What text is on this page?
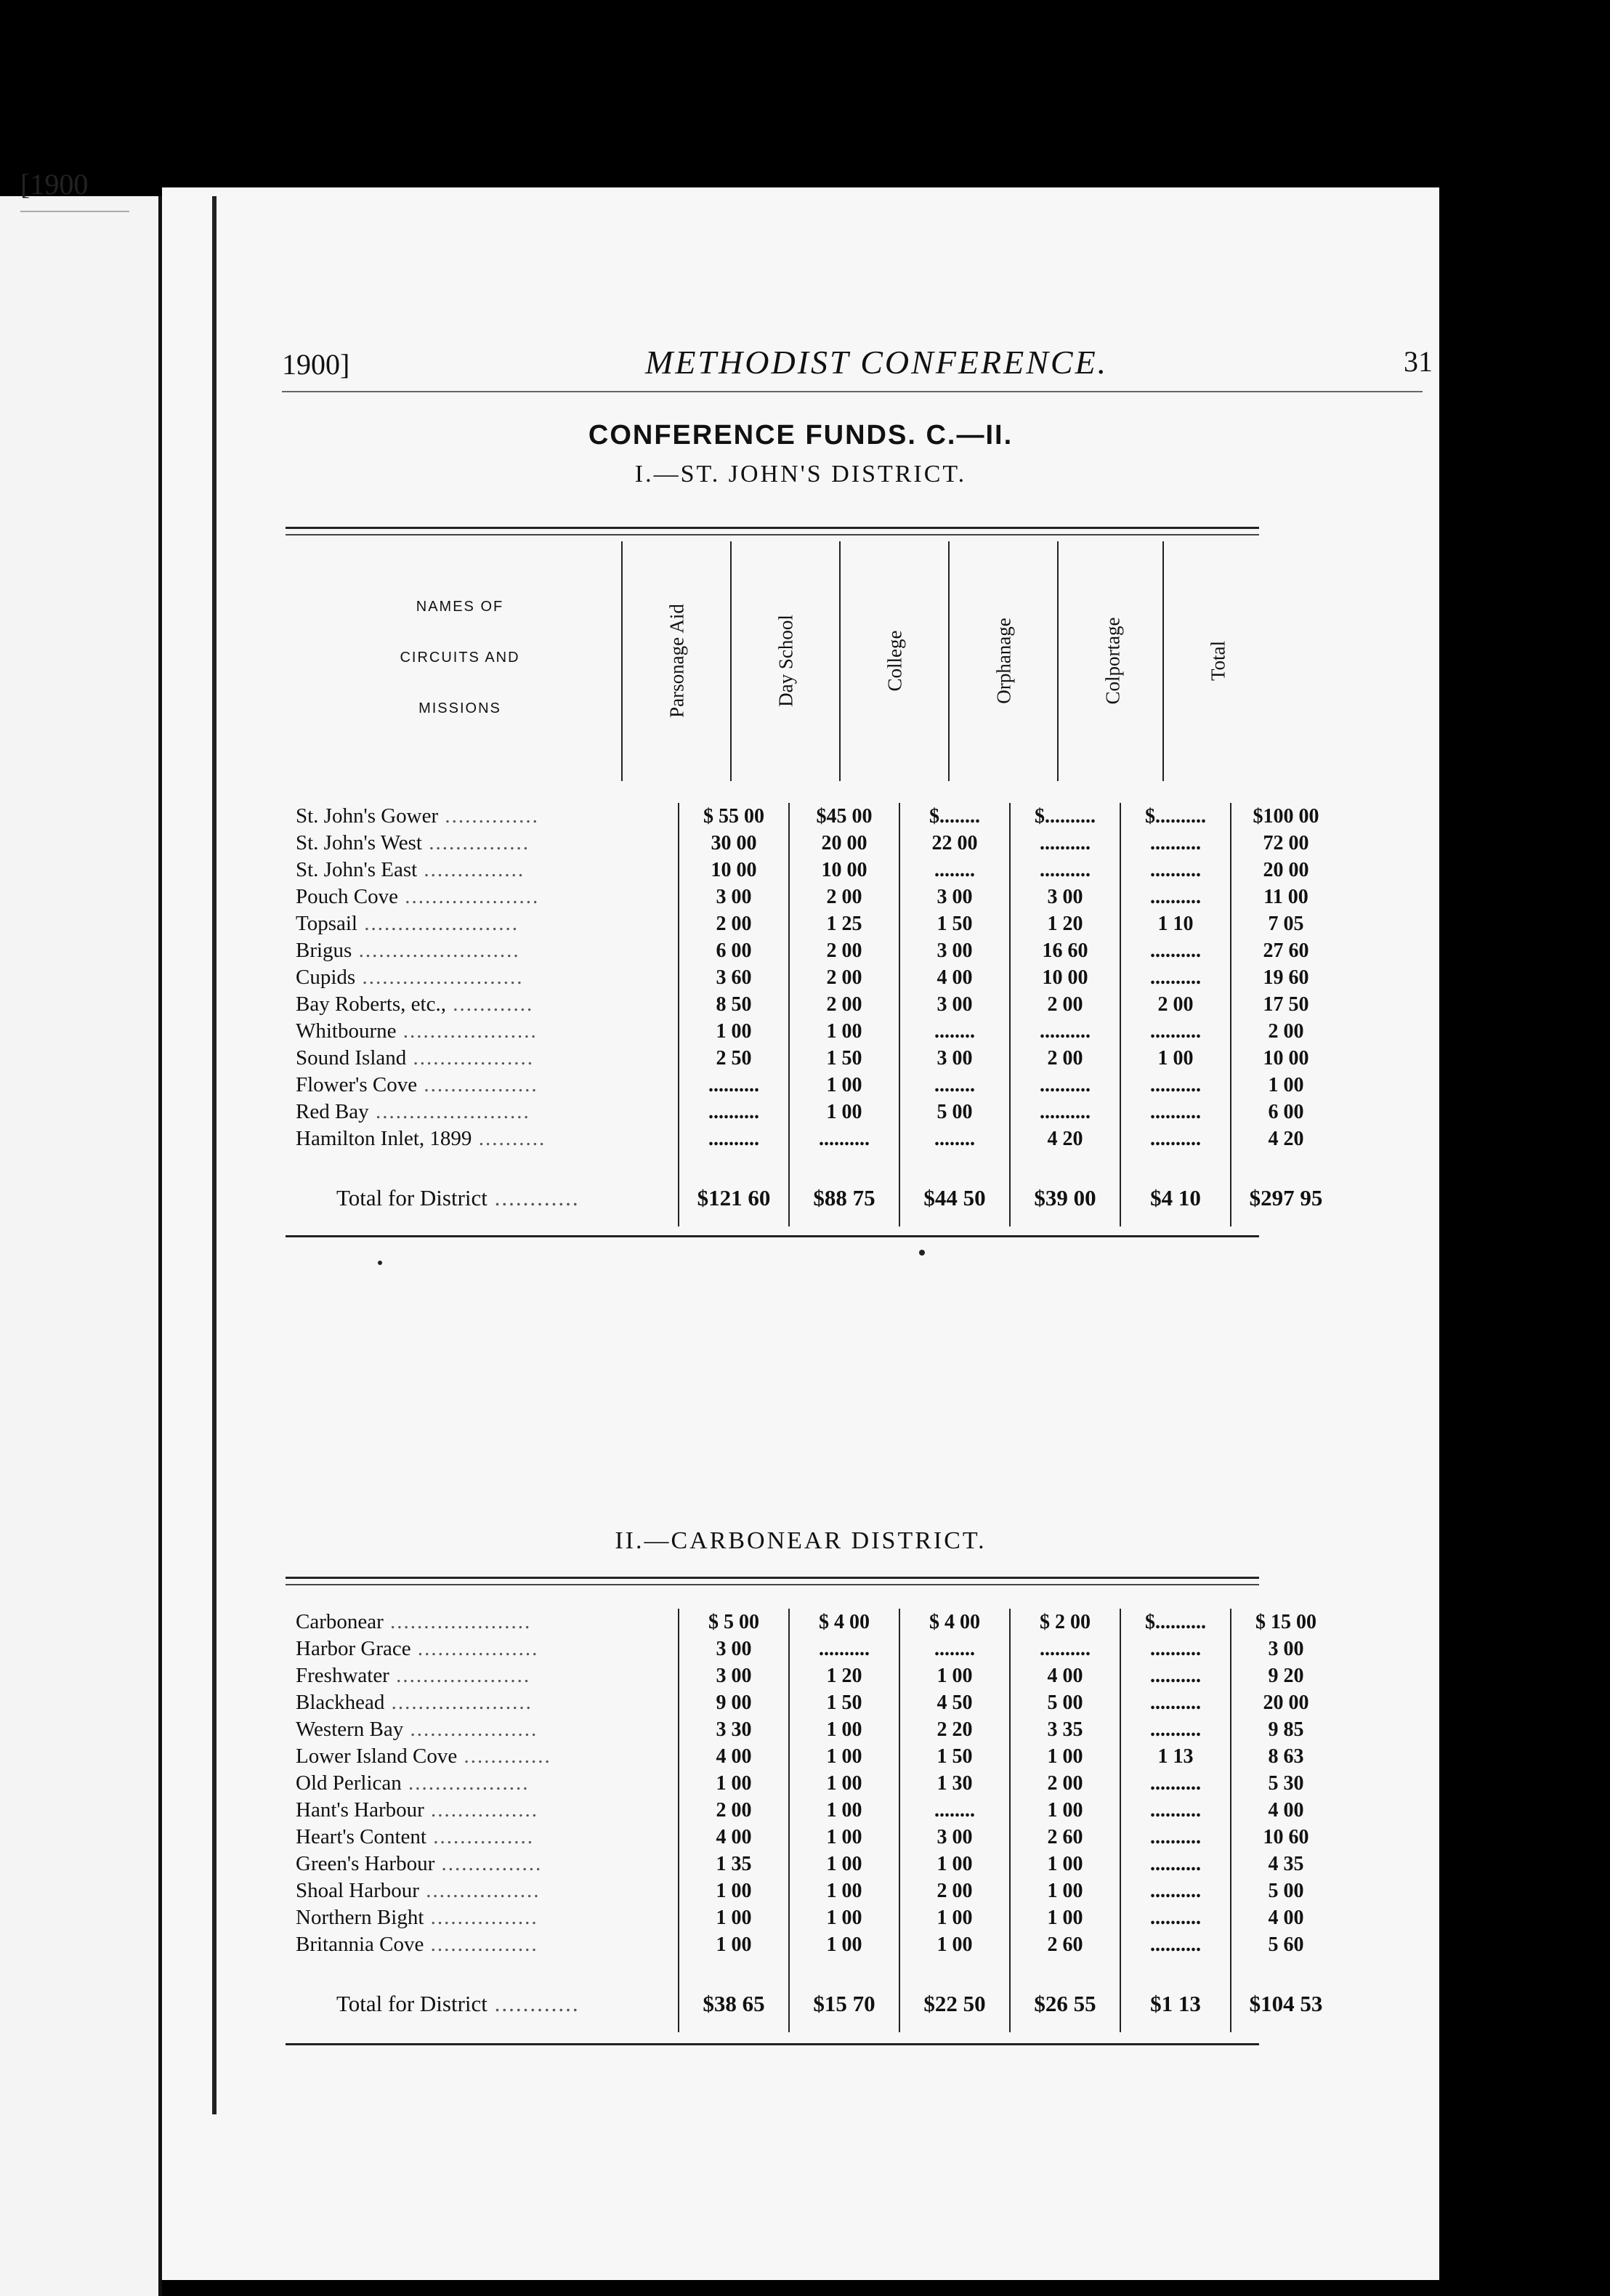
[1900
1900]	METHODIST CONFERENCE.	31
CONFERENCE FUNDS. C.—II.
I.—ST. JOHN'S DISTRICT.
NAMES OF
CIRCUITS AND
MISSIONS	Parsonage Aid	Day School	College	Orphanage	Colportage	Total
St. John's Gower ..............	$ 55 00	$45 00	$........	$..........	$..........	$100 00
St. John's West ...............	30 00	20 00	22 00	..........	..........	72 00
St. John's East ...............	10 00	10 00	........	..........	..........	20 00
Pouch Cove ....................	3 00	2 00	3 00	3 00	..........	11 00
Topsail .......................	2 00	1 25	1 50	1 20	1 10	7 05
Brigus ........................	6 00	2 00	3 00	16 60	..........	27 60
Cupids ........................	3 60	2 00	4 00	10 00	..........	19 60
Bay Roberts, etc., ............	8 50	2 00	3 00	2 00	2 00	17 50
Whitbourne ....................	1 00	1 00	........	..........	..........	2 00
Sound Island ..................	2 50	1 50	3 00	2 00	1 00	10 00
Flower's Cove .................	..........	1 00	........	..........	..........	1 00
Red Bay .......................	..........	1 00	5 00	..........	..........	6 00
Hamilton Inlet, 1899 ..........	..........	..........	........	4 20	..........	4 20

Total for District ............	$121 60	$88 75	$44 50	$39 00	$4 10	$297 95
II.—CARBONEAR DISTRICT.
Carbonear .....................	$ 5 00	$ 4 00	$ 4 00	$ 2 00	$..........	$ 15 00
Harbor Grace ..................	3 00	..........	........	..........	..........	3 00
Freshwater ....................	3 00	1 20	1 00	4 00	..........	9 20
Blackhead .....................	9 00	1 50	4 50	5 00	..........	20 00
Western Bay ...................	3 30	1 00	2 20	3 35	..........	9 85
Lower Island Cove .............	4 00	1 00	1 50	1 00	1 13	8 63
Old Perlican ..................	1 00	1 00	1 30	2 00	..........	5 30
Hant's Harbour ................	2 00	1 00	........	1 00	..........	4 00
Heart's Content ...............	4 00	1 00	3 00	2 60	..........	10 60
Green's Harbour ...............	1 35	1 00	1 00	1 00	..........	4 35
Shoal Harbour .................	1 00	1 00	2 00	1 00	..........	5 00
Northern Bight ................	1 00	1 00	1 00	1 00	..........	4 00
Britannia Cove ................	1 00	1 00	1 00	2 60	..........	5 60

Total for District ............	$38 65	$15 70	$22 50	$26 55	$1 13	$104 53
